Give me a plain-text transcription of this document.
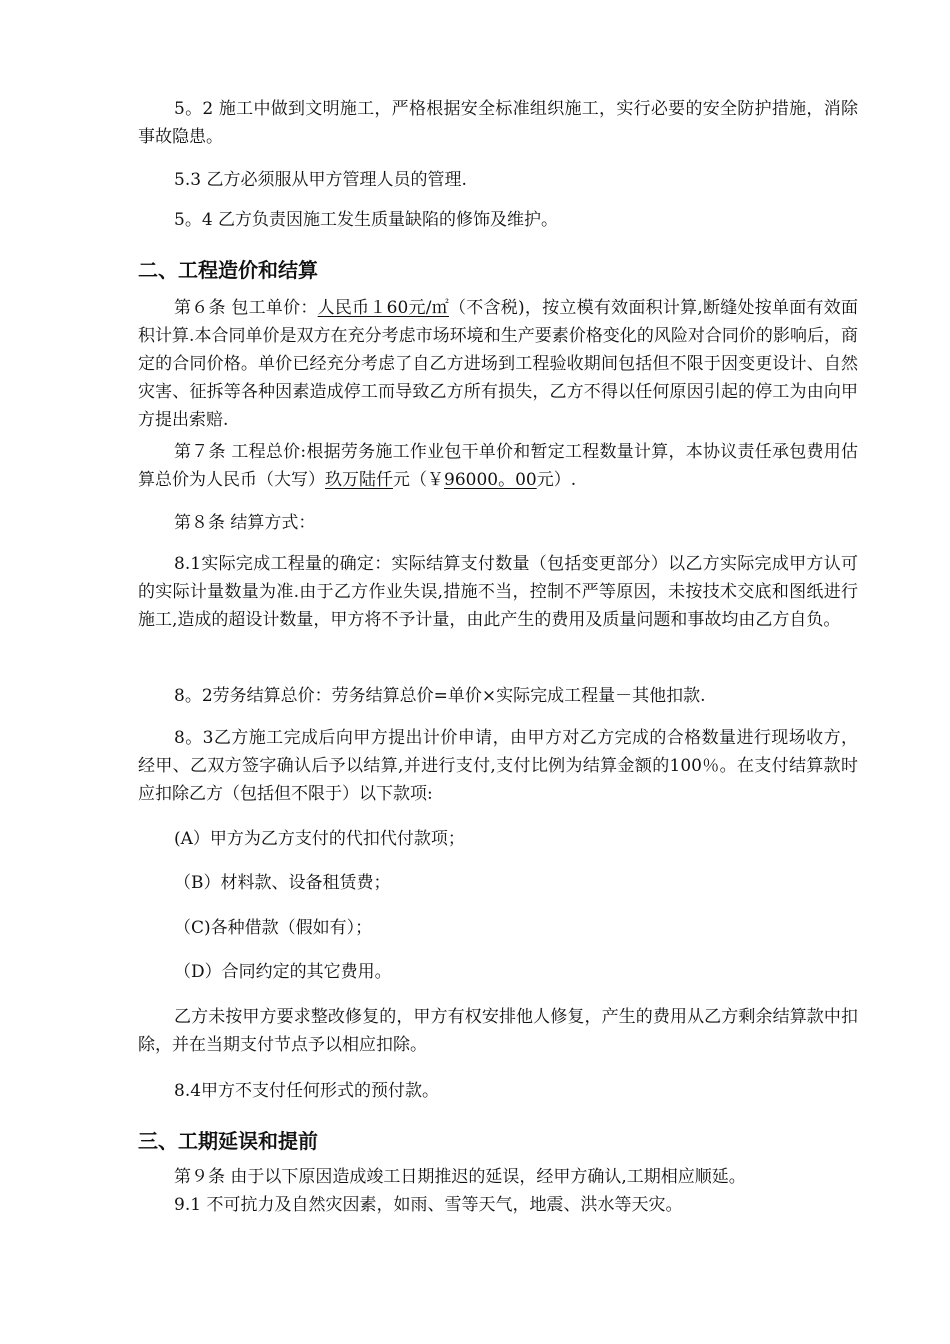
5。2 施工中做到文明施工，严格根据安全标准组织施工，实行必要的安全防护措施，消除事故隐患。

5.3 乙方必须服从甲方管理人员的管理.

5。4 乙方负责因施工发生质量缺陷的修饰及维护。

二、工程造价和结算

第６条 包工单价：人民币１60元/㎡（不含税)，按立模有效面积计算,断缝处按单面有效面积计算.本合同单价是双方在充分考虑市场环境和生产要素价格变化的风险对合同价的影响后，商定的合同价格。单价已经充分考虑了自乙方进场到工程验收期间包括但不限于因变更设计、自然灾害、征拆等各种因素造成停工而导致乙方所有损失，乙方不得以任何原因引起的停工为由向甲方提出索赔.

第７条 工程总价:根据劳务施工作业包干单价和暂定工程数量计算，本协议责任承包费用估算总价为人民币（大写）玖万陆仟元（￥96000。00元）.

第８条 结算方式：

8.1实际完成工程量的确定：实际结算支付数量（包括变更部分）以乙方实际完成甲方认可的实际计量数量为准.由于乙方作业失误,措施不当，控制不严等原因，未按技术交底和图纸进行施工,造成的超设计数量，甲方将不予计量，由此产生的费用及质量问题和事故均由乙方自负。

8。2劳务结算总价：劳务结算总价=单价×实际完成工程量－其他扣款.

8。3乙方施工完成后向甲方提出计价申请，由甲方对乙方完成的合格数量进行现场收方，经甲、乙双方签字确认后予以结算,并进行支付,支付比例为结算金额的100％。在支付结算款时应扣除乙方（包括但不限于）以下款项:

(A）甲方为乙方支付的代扣代付款项；

（B）材料款、设备租赁费；

（C)各种借款（假如有）；

（D）合同约定的其它费用。

乙方未按甲方要求整改修复的，甲方有权安排他人修复，产生的费用从乙方剩余结算款中扣除，并在当期支付节点予以相应扣除。

8.4甲方不支付任何形式的预付款。

三、工期延误和提前

第９条 由于以下原因造成竣工日期推迟的延误，经甲方确认,工期相应顺延。

9.1 不可抗力及自然灾因素，如雨、雪等天气，地震、洪水等天灾。
